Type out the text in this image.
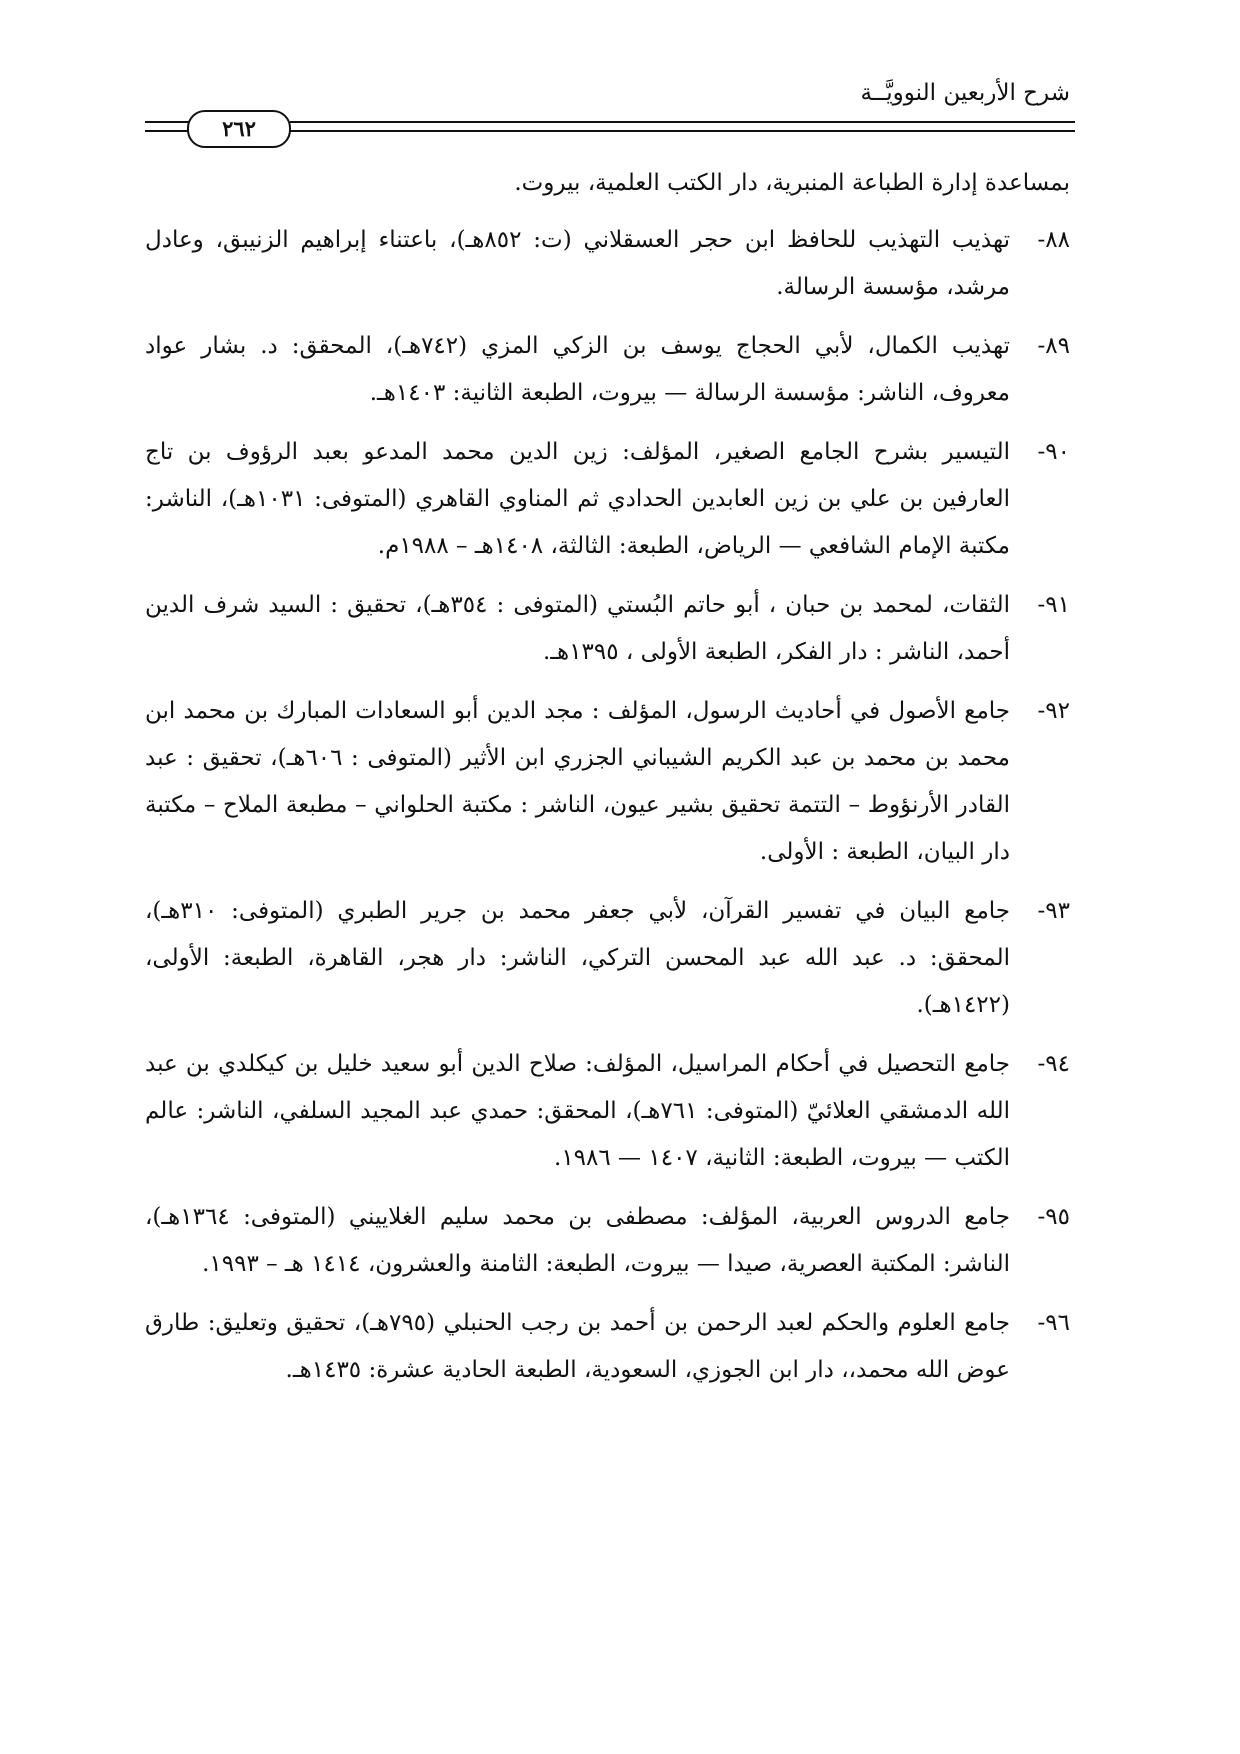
شرح الأربعين النوويَّــة
٢٦٢
بمساعدة إدارة الطباعة المنبرية، دار الكتب العلمية، بيروت.
٨٨-
تهذيب التهذيب للحافظ ابن حجر العسقلاني (ت: ٨٥٢هـ)، باعتناء إبراهيم الزنيبق، وعادل مرشد، مؤسسة الرسالة.
٨٩-
تهذيب الكمال، لأبي الحجاج يوسف بن الزكي المزي (٧٤٢هـ)، المحقق: د. بشار عواد معروف، الناشر: مؤسسة الرسالة — بيروت، الطبعة الثانية: ١٤٠٣هـ.
٩٠-
التيسير بشرح الجامع الصغير، المؤلف: زين الدين محمد المدعو بعبد الرؤوف بن تاج العارفين بن علي بن زين العابدين الحدادي ثم المناوي القاهري (المتوفى: ١٠٣١هـ)، الناشر: مكتبة الإمام الشافعي — الرياض، الطبعة: الثالثة، ١٤٠٨هـ – ١٩٨٨م.
٩١-
الثقات، لمحمد بن حبان ، أبو حاتم البُستي (المتوفى : ٣٥٤هـ)، تحقيق : السيد شرف الدين أحمد، الناشر : دار الفكر، الطبعة الأولى ، ١٣٩٥هـ.
٩٢-
جامع الأصول في أحاديث الرسول، المؤلف : مجد الدين أبو السعادات المبارك بن محمد ابن محمد بن محمد بن عبد الكريم الشيباني الجزري ابن الأثير (المتوفى : ٦٠٦هـ)، تحقيق : عبد القادر الأرنؤوط – التتمة تحقيق بشير عيون، الناشر : مكتبة الحلواني – مطبعة الملاح – مكتبة دار البيان، الطبعة : الأولى.
٩٣-
جامع البيان في تفسير القرآن، لأبي جعفر محمد بن جرير الطبري (المتوفى: ٣١٠هـ)، المحقق: د. عبد الله عبد المحسن التركي، الناشر: دار هجر، القاهرة، الطبعة: الأولى، (١٤٢٢هـ).
٩٤-
جامع التحصيل في أحكام المراسيل، المؤلف: صلاح الدين أبو سعيد خليل بن كيكلدي بن عبد الله الدمشقي العلائيّ (المتوفى: ٧٦١هـ)، المحقق: حمدي عبد المجيد السلفي، الناشر: عالم الكتب — بيروت، الطبعة: الثانية، ١٤٠٧ — ١٩٨٦.
٩٥-
جامع الدروس العربية، المؤلف: مصطفى بن محمد سليم الغلاييني (المتوفى: ١٣٦٤هـ)، الناشر: المكتبة العصرية، صيدا — بيروت، الطبعة: الثامنة والعشرون، ١٤١٤ هـ – ١٩٩٣.
٩٦-
جامع العلوم والحكم لعبد الرحمن بن أحمد بن رجب الحنبلي (٧٩٥هـ)، تحقيق وتعليق: طارق عوض الله محمد،، دار ابن الجوزي، السعودية، الطبعة الحادية عشرة: ١٤٣٥هـ.
